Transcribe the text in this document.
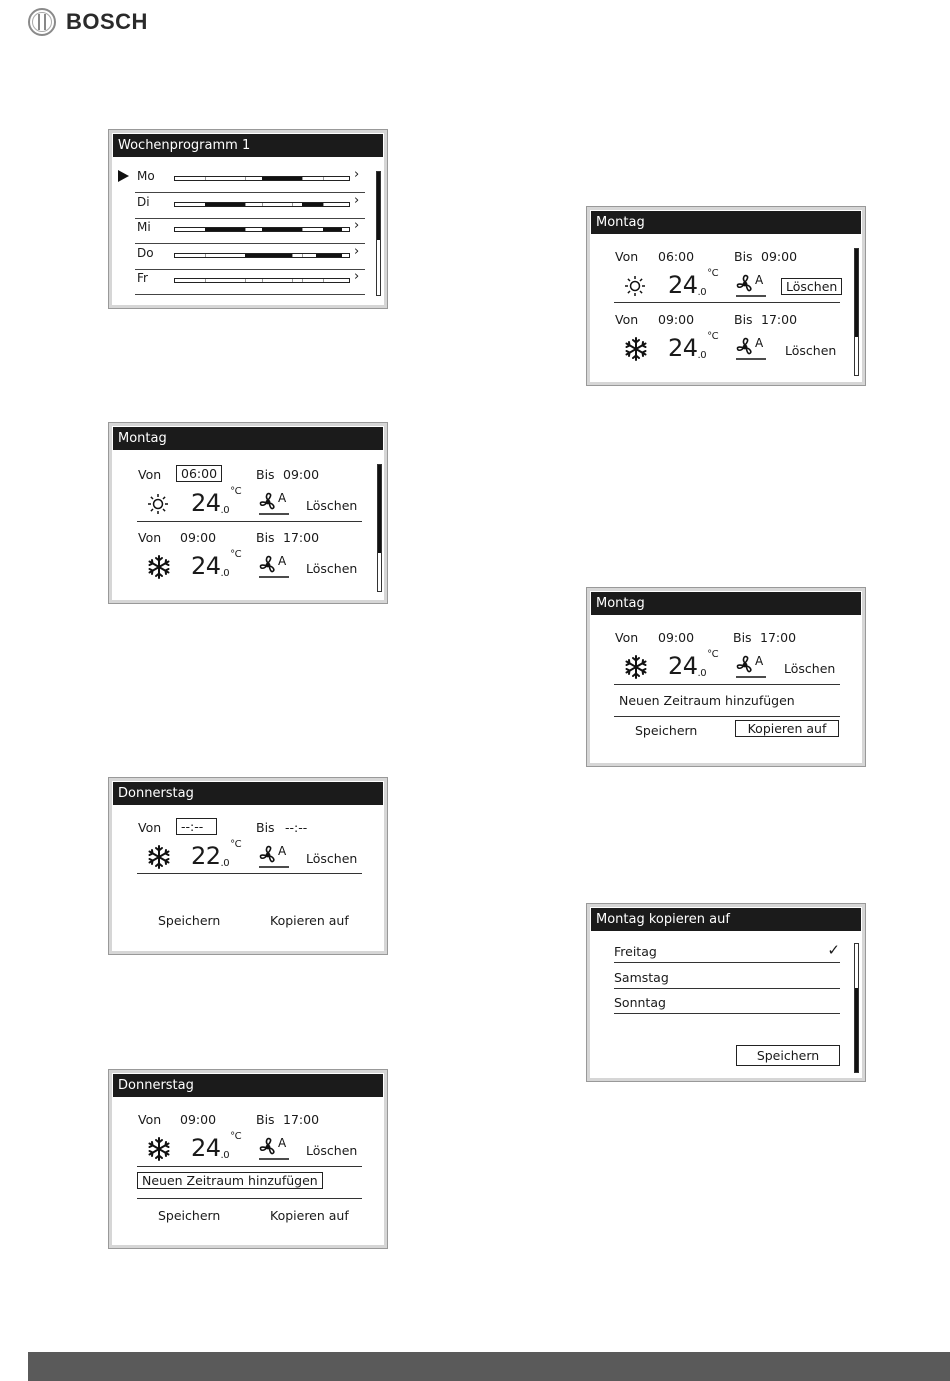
BOSCH
Wochenprogramm 1
Mo	›
Di	›
Mi	›
Do	›
Fr	›
Montag
Von	06:00	Bis 09:00
$24_{.0}^{^\circ C}$	A Löschen
Von 09:00	Bis 17:00
$24_{.0}^{^\circ C}$	A Löschen
Donnerstag
Von	--:--	Bis --:--
$22_{.0}^{^\circ C}$	A Löschen
Speichern	Kopieren auf
Donnerstag
Von 09:00	Bis 17:00
$24_{.0}^{^\circ C}$	A Löschen
Neuen Zeitraum hinzufügen
Speichern	Kopieren auf
Montag
Von 06:00	Bis 09:00
$24_{.0}^{^\circ C}$	A	Löschen
Von 09:00	Bis 17:00
$24_{.0}^{^\circ C}$	A Löschen
Montag
Von 09:00	Bis 17:00
$24_{.0}^{^\circ C}$	A Löschen
Neuen Zeitraum hinzufügen
Speichern	Kopieren auf
Montag kopieren auf
Freitag	✓
Samstag
Sonntag
Speichern
